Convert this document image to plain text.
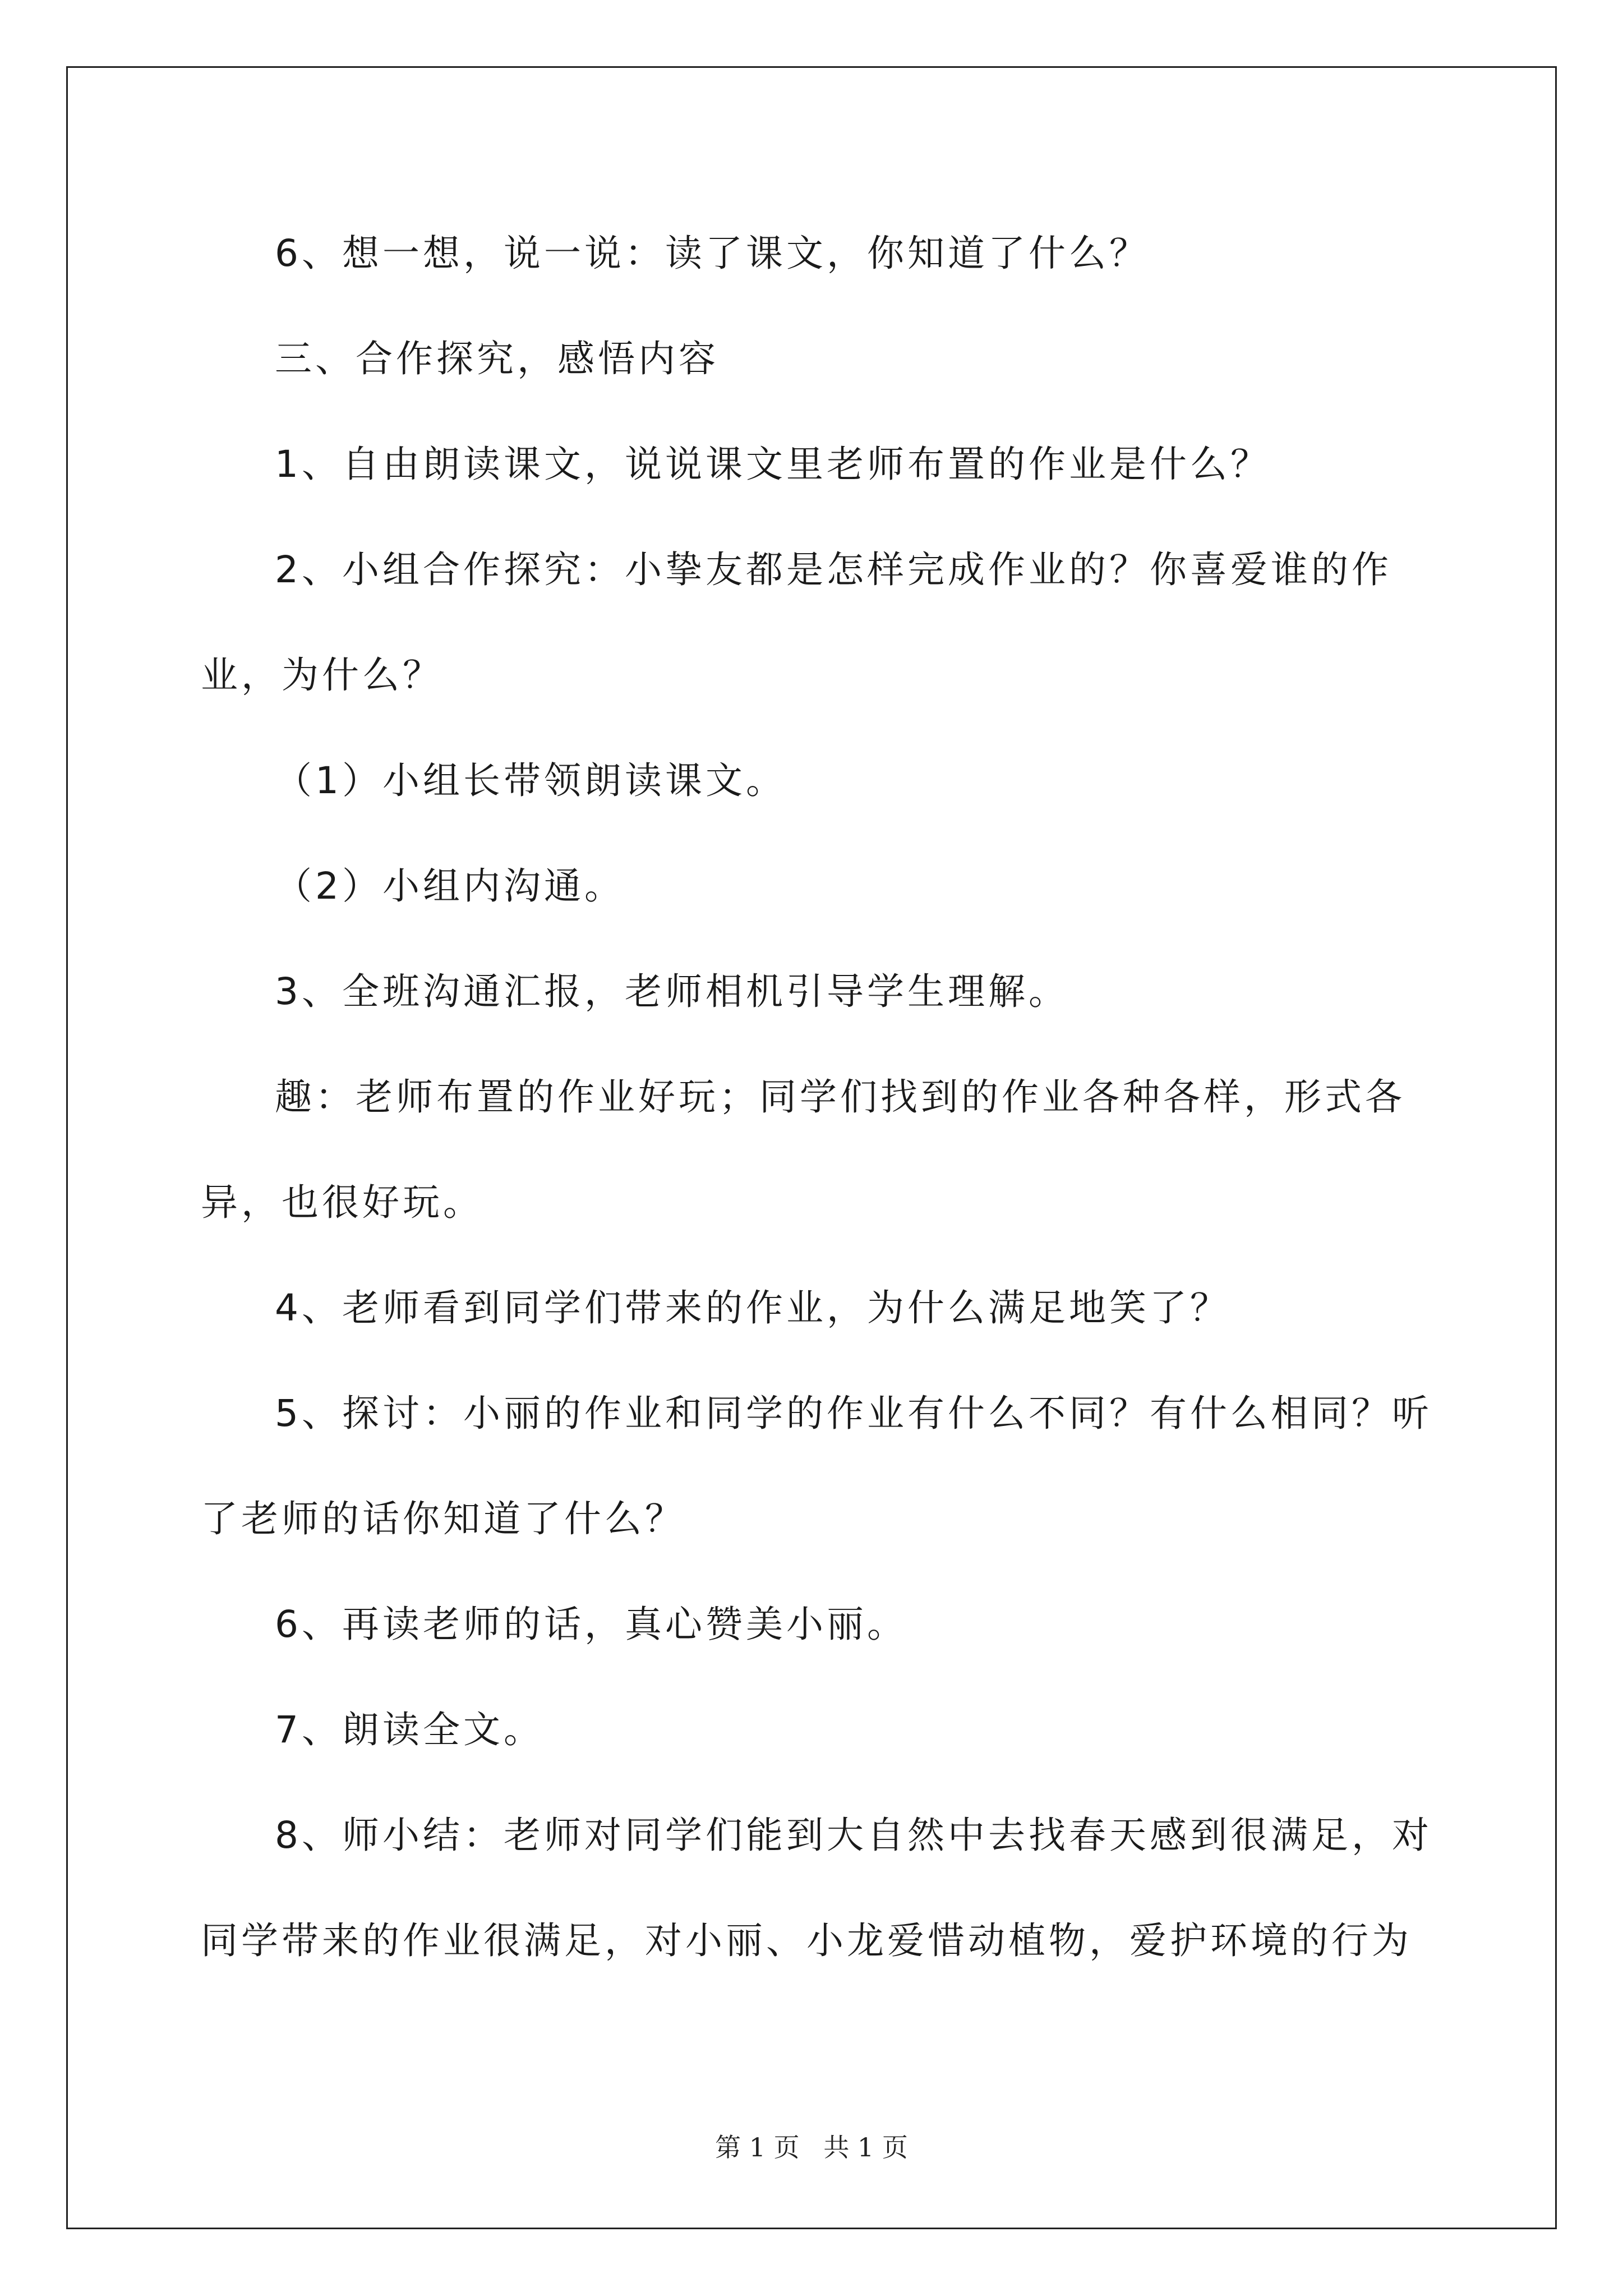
6、想一想，说一说：读了课文，你知道了什么？

三、合作探究，感悟内容

1、自由朗读课文，说说课文里老师布置的作业是什么？

2、小组合作探究：小挚友都是怎样完成作业的？你喜爱谁的作业，为什么？

（1）小组长带领朗读课文。

（2）小组内沟通。

3、全班沟通汇报，老师相机引导学生理解。

趣：老师布置的作业好玩；同学们找到的作业各种各样，形式各异，也很好玩。

4、老师看到同学们带来的作业，为什么满足地笑了？

5、探讨：小丽的作业和同学的作业有什么不同？有什么相同？听了老师的话你知道了什么？

6、再读老师的话，真心赞美小丽。

7、朗读全文。

8、师小结：老师对同学们能到大自然中去找春天感到很满足，对同学带来的作业很满足，对小丽、小龙爱惜动植物，爱护环境的行为

第 1 页 共 1 页
